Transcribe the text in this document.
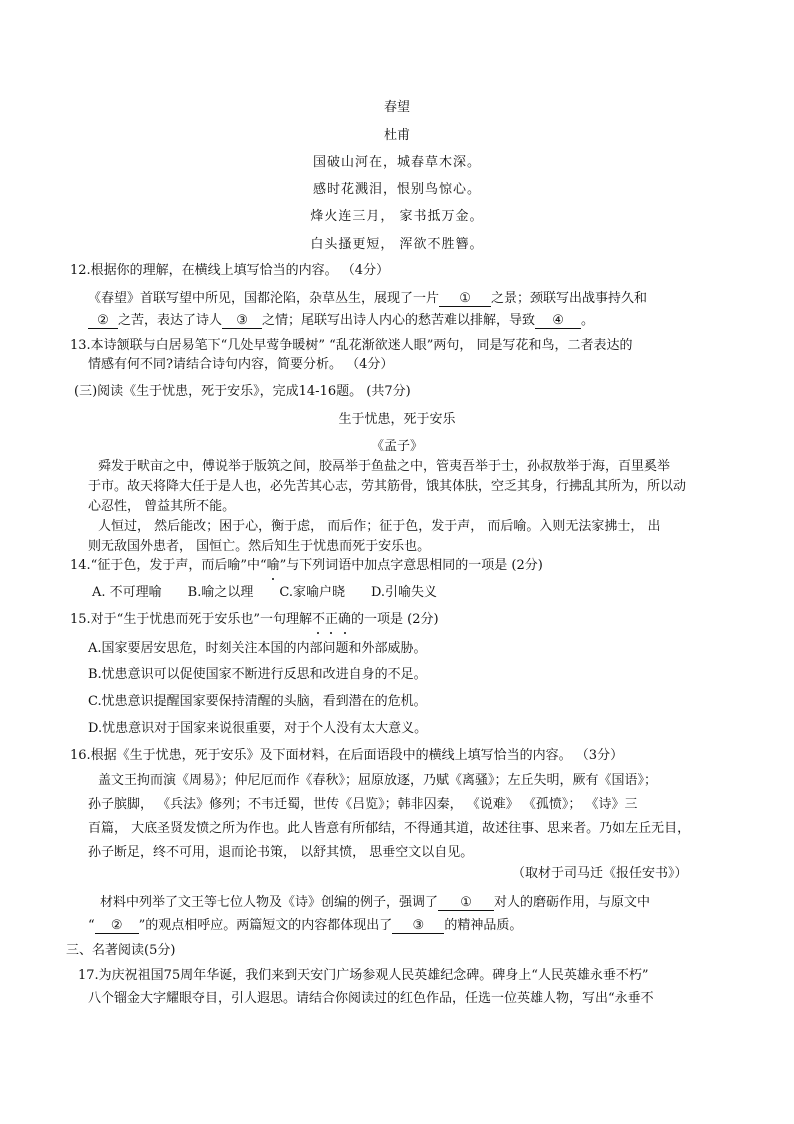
春望
杜甫
国破山河在，城春草木深。
感时花溅泪，恨别鸟惊心。
烽火连三月， 家书抵万金。
白头搔更短， 浑欲不胜簪。
12.根据你的理解，在横线上填写恰当的内容。 （4分）
《春望》首联写望中所见，国都沦陷，杂草丛生，展现了一片 ① 之景；颈联写出战事持久和
② 之苦，表达了诗人 ③ 之情；尾联写出诗人内心的愁苦难以排解，导致 ④ 。
13.本诗颔联与白居易笔下“几处早莺争暖树” “乱花渐欲迷人眼”两句， 同是写花和鸟，二者表达的
情感有何不同?请结合诗句内容，简要分析。 （4分）
(三)阅读《生于忧患，死于安乐》，完成14-16题。 (共7分)
生于忧患，死于安乐
《孟子》
舜发于畎亩之中，傅说举于版筑之间，胶鬲举于鱼盐之中，管夷吾举于士，孙叔敖举于海，百里奚举
于市。故天将降大任于是人也，必先苦其心志，劳其筋骨，饿其体肤，空乏其身，行拂乱其所为，所以动
心忍性， 曾益其所不能。
人恒过， 然后能改；困于心，衡于虑， 而后作；征于色，发于声， 而后喻。入则无法家拂士， 出
则无敌国外患者， 国恒亡。然后知生于忧患而死于安乐也。
14.“征于色，发于声，而后喻”中“喻”与下列词语中加点字意思相同的一项是 (2分)
A. 不可理喻 B.喻之以理 C.家喻户晓 D.引喻失义
15.对于“生于忧患而死于安乐也”一句理解不正确的一项是 (2分)
A.国家要居安思危，时刻关注本国的内部问题和外部威胁。
B.忧患意识可以促使国家不断进行反思和改进自身的不足。
C.忧患意识提醒国家要保持清醒的头脑，看到潜在的危机。
D.忧患意识对于国家来说很重要，对于个人没有太大意义。
16.根据《生于忧患，死于安乐》及下面材料，在后面语段中的横线上填写恰当的内容。 （3分）
盖文王拘而演《周易》；仲尼厄而作《春秋》；屈原放逐，乃赋《离骚》；左丘失明，厥有《国语》；
孙子膑脚， 《兵法》修列；不韦迁蜀，世传《吕览》；韩非囚秦， 《说难》 《孤愤》； 《诗》三
百篇， 大底圣贤发愤之所为作也。此人皆意有所郁结，不得通其道，故述往事、思来者。乃如左丘无目，
孙子断足，终不可用，退而论书策， 以舒其愤， 思垂空文以自见。
（取材于司马迁《报任安书》）
材料中列举了文王等七位人物及《诗》创编的例子，强调了 ① 对人的磨砺作用，与原文中
“ ② ”的观点相呼应。两篇短文的内容都体现出了 ③ 的精神品质。
三、名著阅读(5分)
17.为庆祝祖国75周年华诞，我们来到天安门广场参观人民英雄纪念碑。碑身上“人民英雄永垂不朽”
八个镏金大字耀眼夺目，引人遐思。请结合你阅读过的红色作品，任选一位英雄人物，写出“永垂不
